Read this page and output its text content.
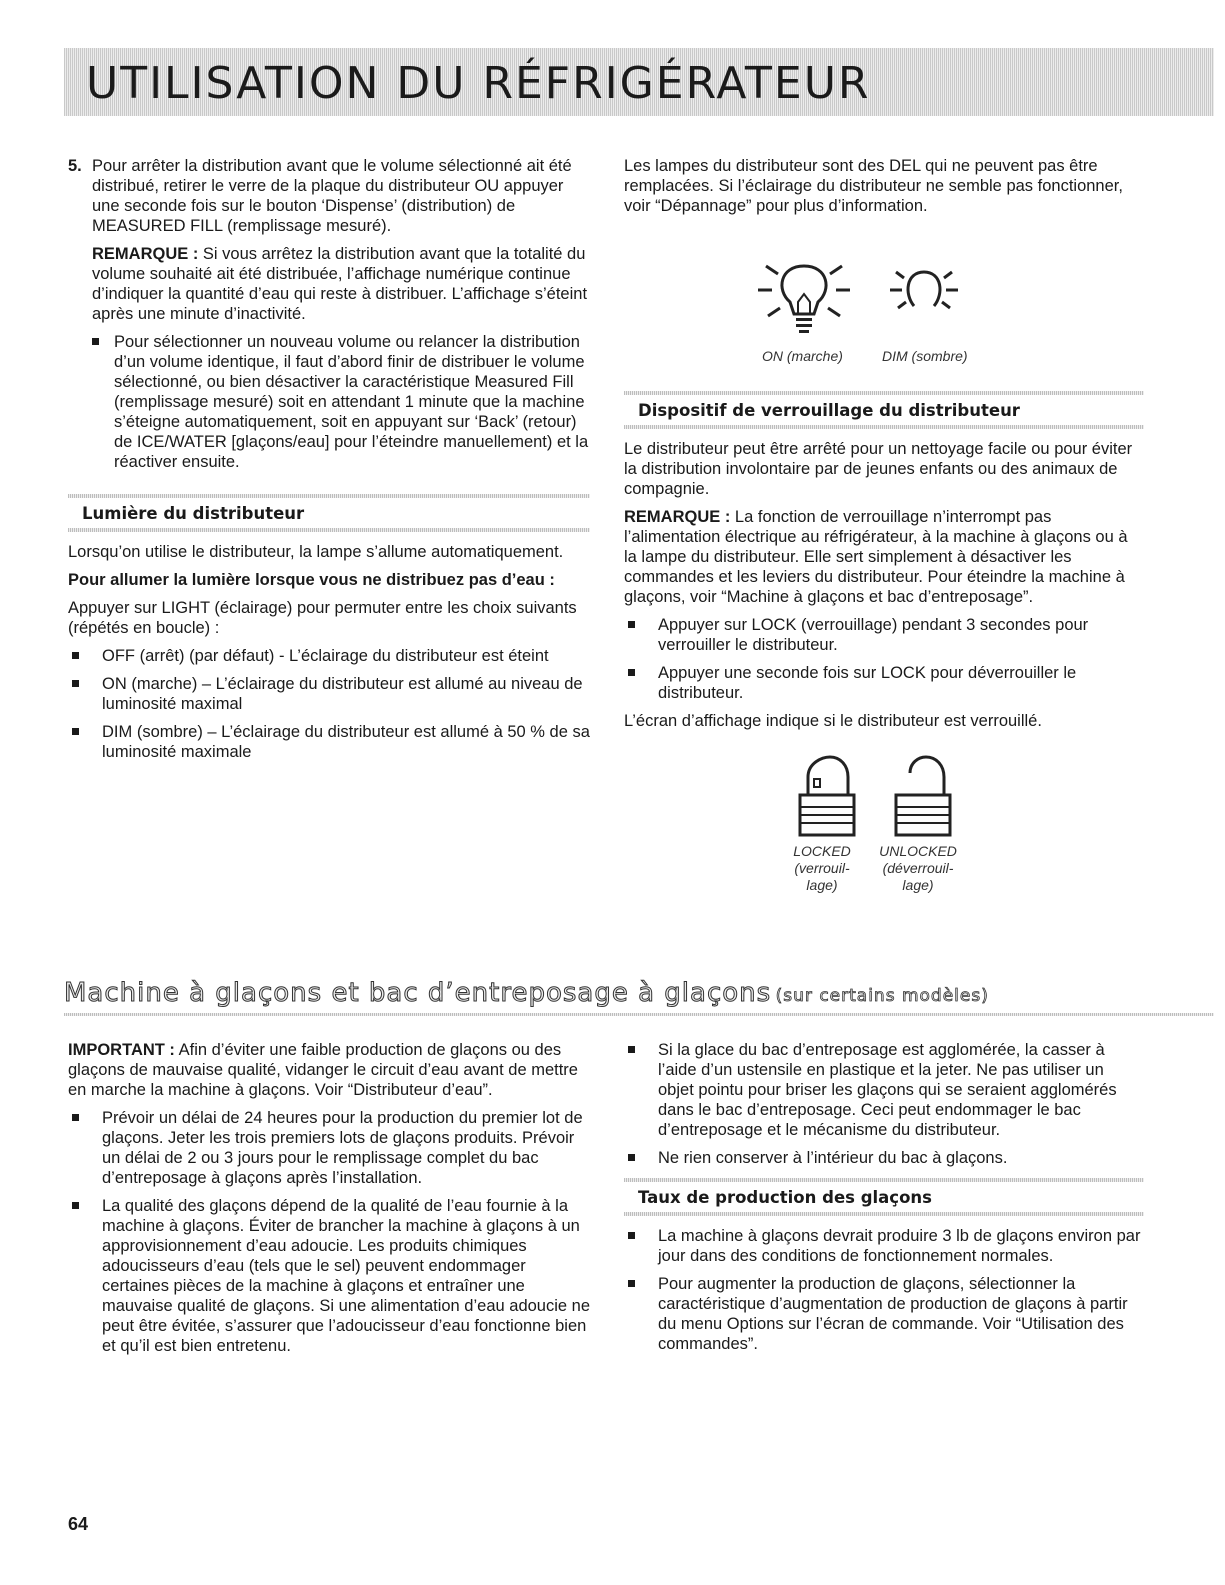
UTILISATION DU RÉFRIGÉRATEUR
5. Pour arrêter la distribution avant que le volume sélectionné ait été distribué, retirer le verre de la plaque du distributeur OU appuyer une seconde fois sur le bouton ‘Dispense’ (distribution) de MEASURED FILL (remplissage mesuré).

REMARQUE : Si vous arrêtez la distribution avant que la totalité du volume souhaité ait été distribuée, l’affichage numérique continue d’indiquer la quantité d’eau qui reste à distribuer. L’affichage s’éteint après une minute d’inactivité.

Pour sélectionner un nouveau volume ou relancer la distribution d’un volume identique, il faut d’abord finir de distribuer le volume sélectionné, ou bien désactiver la caractéristique Measured Fill (remplissage mesuré) soit en attendant 1 minute que la machine s’éteigne automatiquement, soit en appuyant sur ‘Back’ (retour) de ICE/WATER [glaçons/eau] pour l’éteindre manuellement) et la réactiver ensuite.
Lumière du distributeur

Lorsqu’on utilise le distributeur, la lampe s’allume automatiquement.

Pour allumer la lumière lorsque vous ne distribuez pas d’eau :

Appuyer sur LIGHT (éclairage) pour permuter entre les choix suivants (répétés en boucle) :

OFF (arrêt) (par défaut) - L’éclairage du distributeur est éteint
ON (marche) – L’éclairage du distributeur est allumé au niveau de luminosité maximal
DIM (sombre) – L’éclairage du distributeur est allumé à 50 % de sa luminosité maximale

Les lampes du distributeur sont des DEL qui ne peuvent pas être remplacées. Si l’éclairage du distributeur ne semble pas fonctionner, voir “Dépannage” pour plus d’information.

ON (marche)	DIM (sombre)
Dispositif de verrouillage du distributeur

Le distributeur peut être arrêté pour un nettoyage facile ou pour éviter la distribution involontaire par de jeunes enfants ou des animaux de compagnie.

REMARQUE : La fonction de verrouillage n’interrompt pas l’alimentation électrique au réfrigérateur, à la machine à glaçons ou à la lampe du distributeur. Elle sert simplement à désactiver les commandes et les leviers du distributeur. Pour éteindre la machine à glaçons, voir “Machine à glaçons et bac d’entreposage”.

Appuyer sur LOCK (verrouillage) pendant 3 secondes pour verrouiller le distributeur.
Appuyer une seconde fois sur LOCK pour déverrouiller le distributeur.

L’écran d’affichage indique si le distributeur est verrouillé.

LOCKED
(verrouil-
lage)
UNLOCKED
(déverrouil-
lage)
Machine à glaçons et bac d’entreposage à glaçons (sur certains modèles)

IMPORTANT : Afin d’éviter une faible production de glaçons ou des glaçons de mauvaise qualité, vidanger le circuit d’eau avant de mettre en marche la machine à glaçons. Voir “Distributeur d’eau”.

Prévoir un délai de 24 heures pour la production du premier lot de glaçons. Jeter les trois premiers lots de glaçons produits. Prévoir un délai de 2 ou 3 jours pour le remplissage complet du bac d’entreposage à glaçons après l’installation.
La qualité des glaçons dépend de la qualité de l’eau fournie à la machine à glaçons. Éviter de brancher la machine à glaçons à un approvisionnement d’eau adoucie. Les produits chimiques adoucisseurs d’eau (tels que le sel) peuvent endommager certaines pièces de la machine à glaçons et entraîner une mauvaise qualité de glaçons. Si une alimentation d’eau adoucie ne peut être évitée, s’assurer que l’adoucisseur d’eau fonctionne bien et qu’il est bien entretenu.
Si la glace du bac d’entreposage est agglomérée, la casser à l’aide d’un ustensile en plastique et la jeter. Ne pas utiliser un objet pointu pour briser les glaçons qui se seraient agglomérés dans le bac d’entreposage. Ceci peut endommager le bac d’entreposage et le mécanisme du distributeur.
Ne rien conserver à l’intérieur du bac à glaçons.
Taux de production des glaçons
La machine à glaçons devrait produire 3 lb de glaçons environ par jour dans des conditions de fonctionnement normales.
Pour augmenter la production de glaçons, sélectionner la caractéristique d’augmentation de production de glaçons à partir du menu Options sur l’écran de commande. Voir “Utilisation des commandes”.
64
